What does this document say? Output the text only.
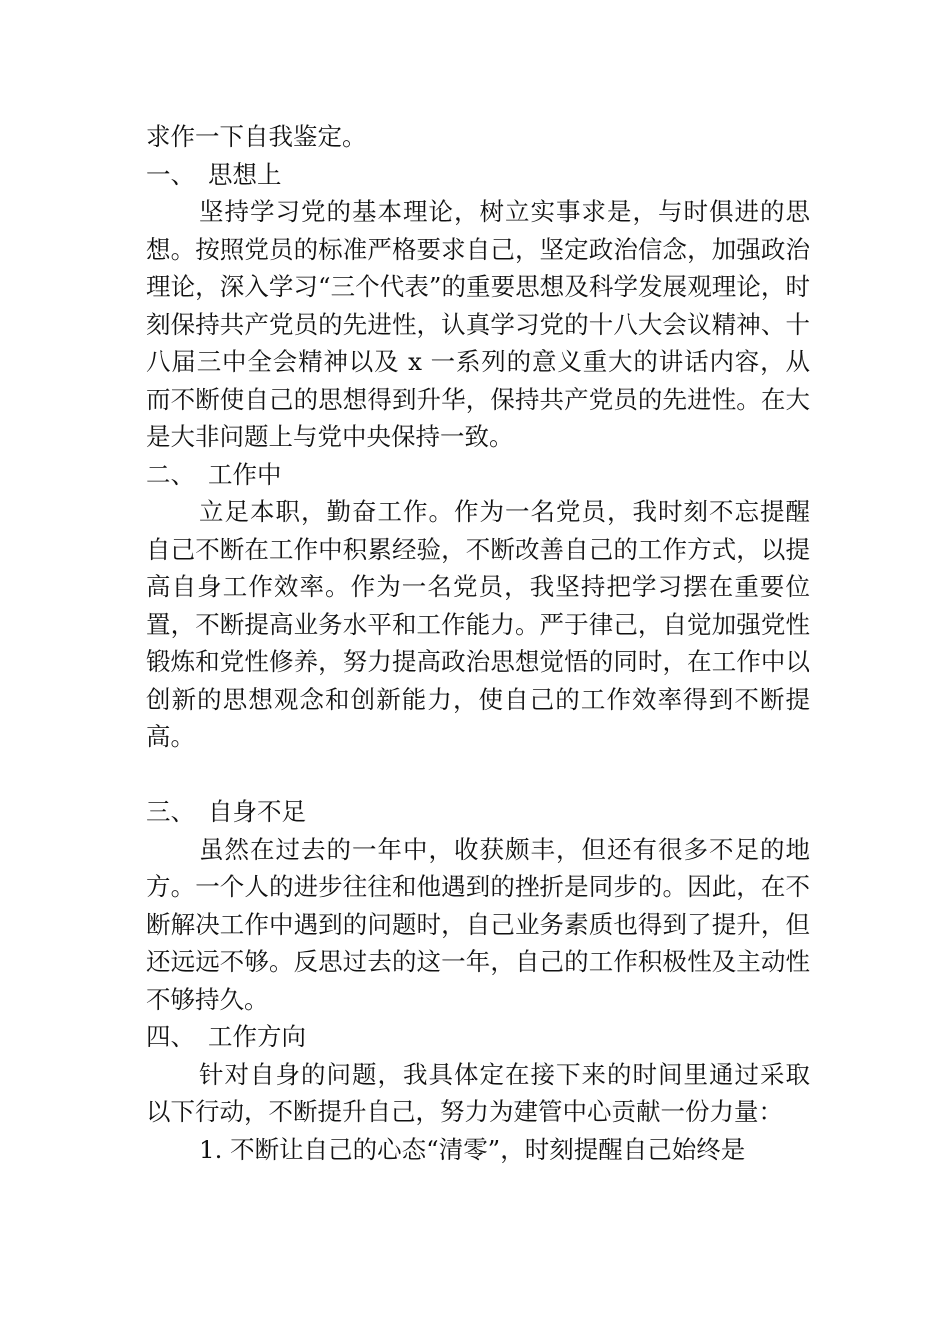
求作一下自我鉴定。

一、 思想上

坚持学习党的基本理论，树立实事求是，与时俱进的思想。按照党员的标准严格要求自己，坚定政治信念，加强政治理论，深入学习“三个代表”的重要思想及科学发展观理论，时刻保持共产党员的先进性，认真学习党的十八大会议精神、十八届三中全会精神以及 x 一系列的意义重大的讲话内容，从而不断使自己的思想得到升华，保持共产党员的先进性。在大是大非问题上与党中央保持一致。

二、 工作中

立足本职，勤奋工作。作为一名党员，我时刻不忘提醒自己不断在工作中积累经验，不断改善自己的工作方式，以提高自身工作效率。作为一名党员，我坚持把学习摆在重要位置，不断提高业务水平和工作能力。严于律己，自觉加强党性锻炼和党性修养，努力提高政治思想觉悟的同时，在工作中以创新的思想观念和创新能力，使自己的工作效率得到不断提高。

三、 自身不足

虽然在过去的一年中，收获颇丰，但还有很多不足的地方。一个人的进步往往和他遇到的挫折是同步的。因此，在不断解决工作中遇到的问题时，自己业务素质也得到了提升，但还远远不够。反思过去的这一年，自己的工作积极性及主动性不够持久。

四、 工作方向

针对自身的问题，我具体定在接下来的时间里通过采取以下行动，不断提升自己，努力为建管中心贡献一份力量：

1. 不断让自己的心态“清零”，时刻提醒自己始终是
